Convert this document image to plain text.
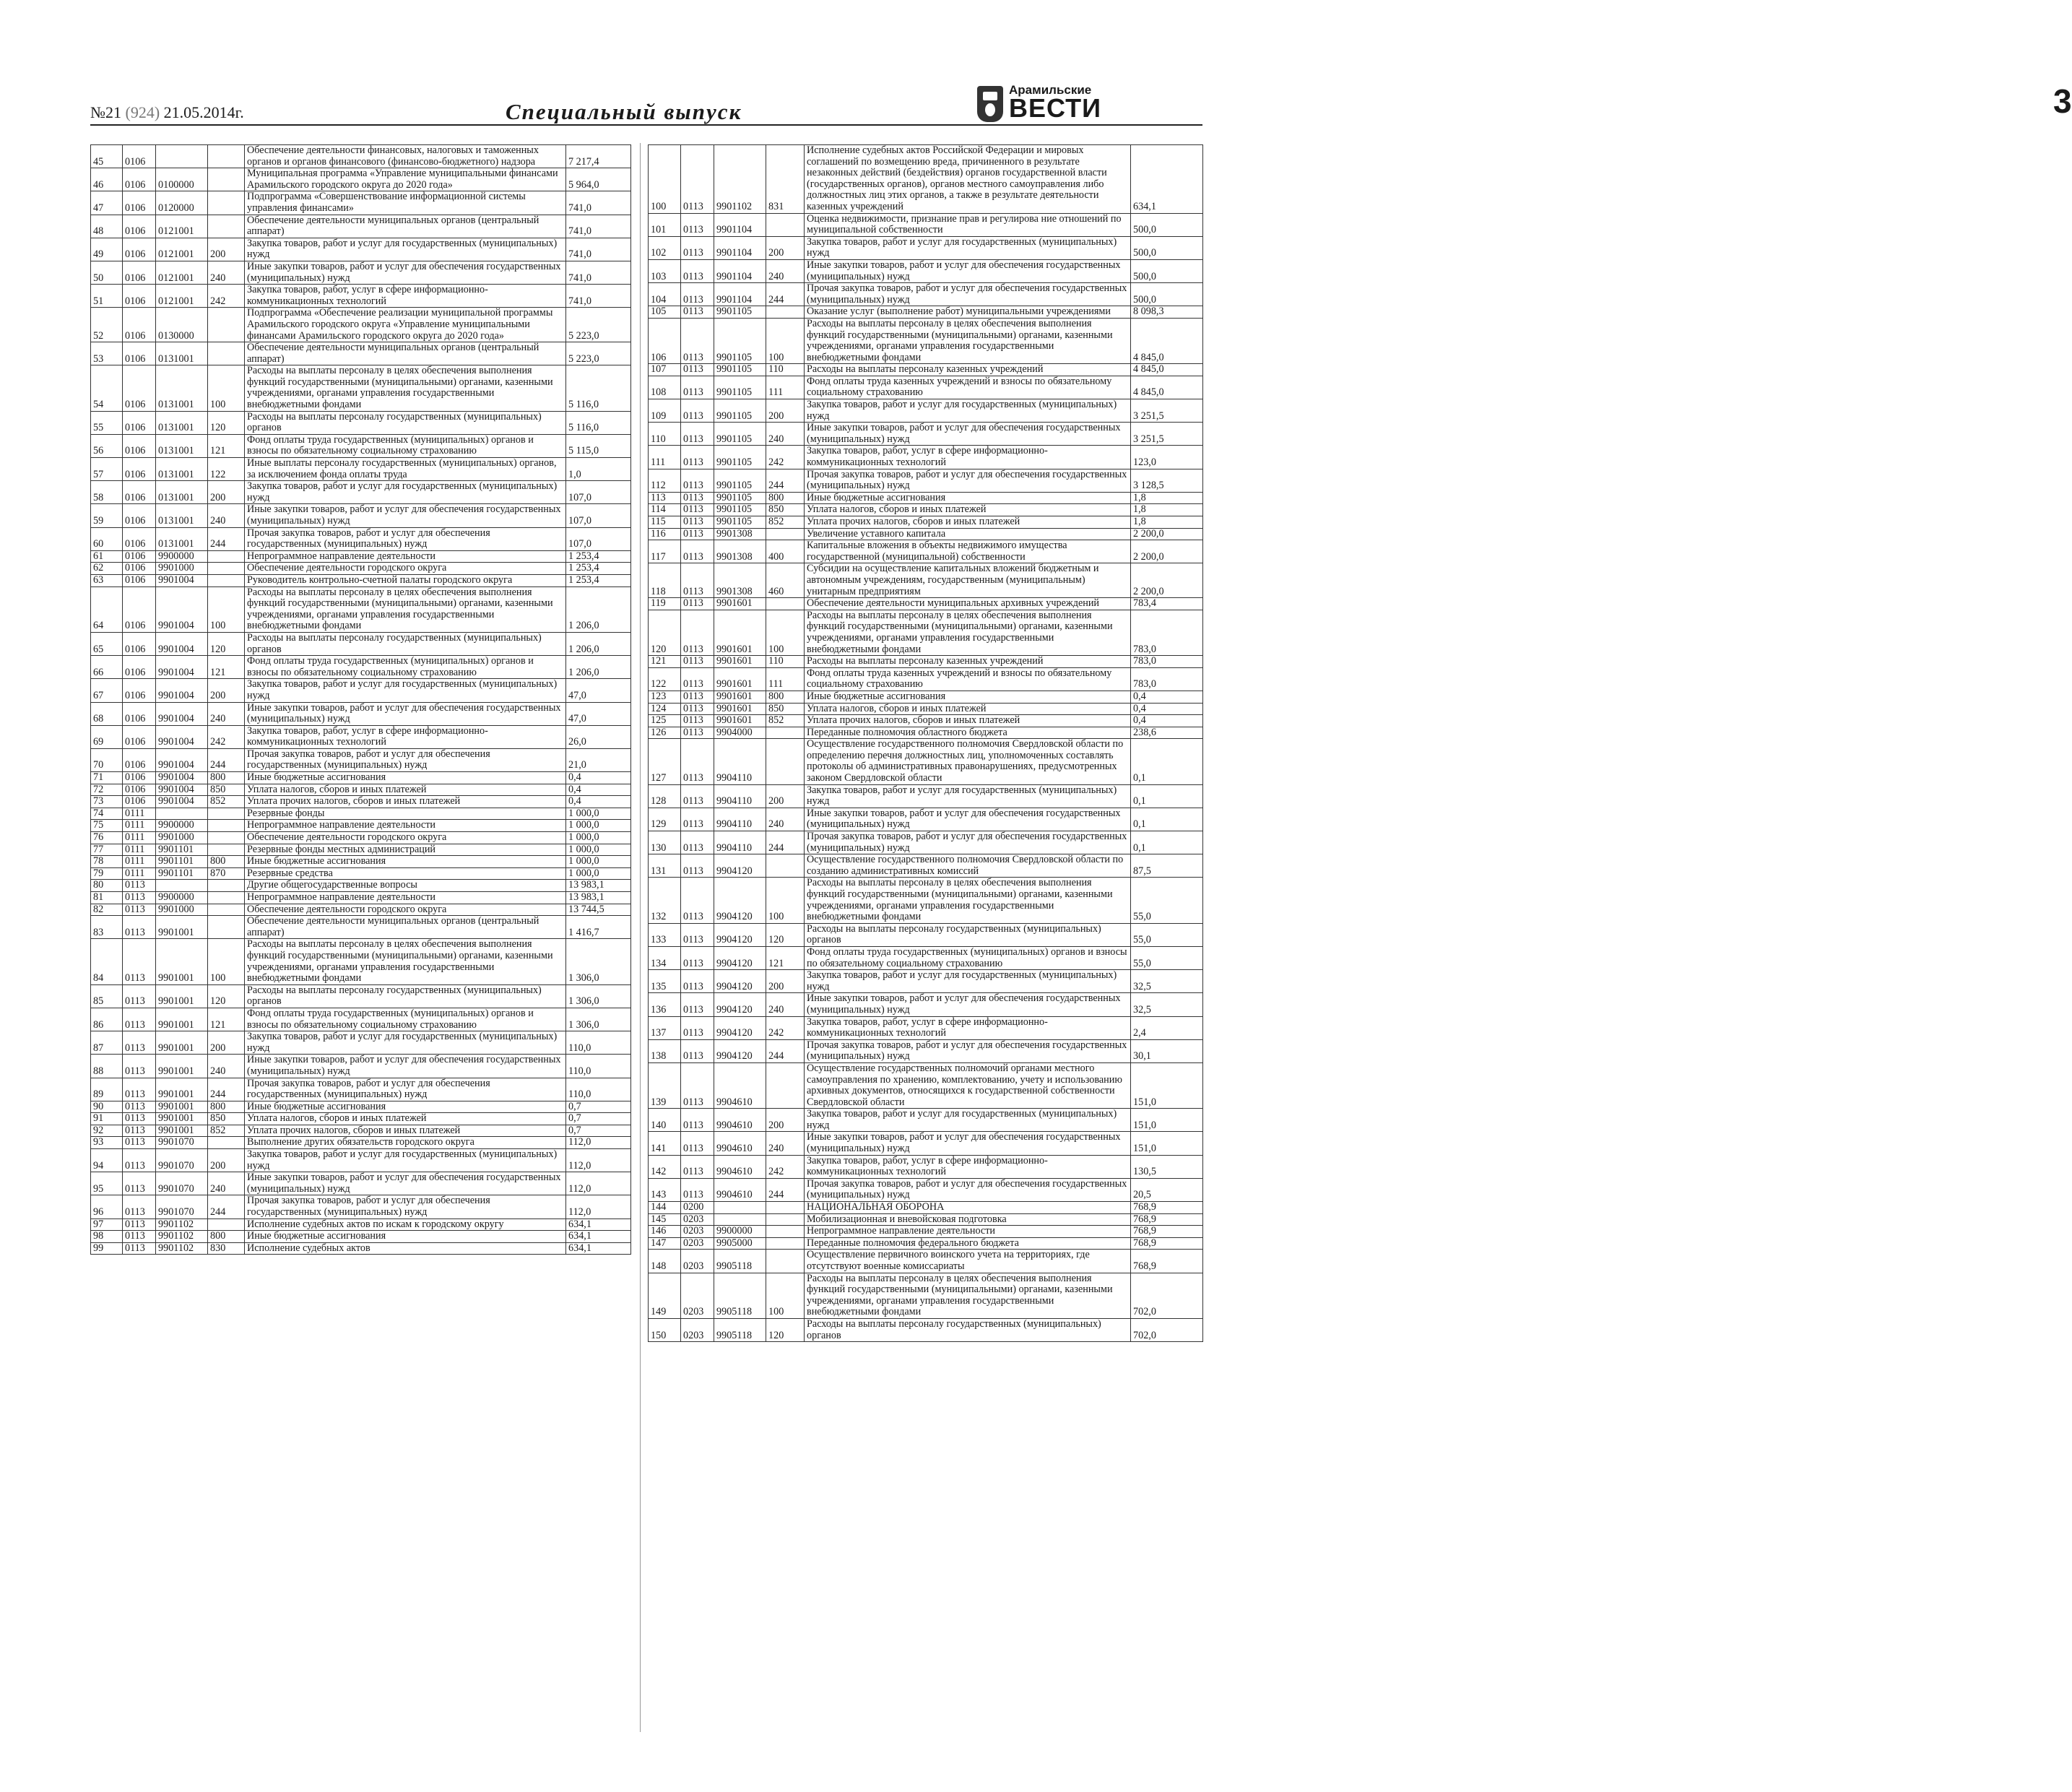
№21 (924) 21.05.2014г.	Специальный выпуск
Арамильские
ВЕСТИ	3
45	0106			Обеспечение деятельности финансовых, налоговых и таможенных органов и органов финансового (финансово-бюджетного) надзора	7 217,4
46	0106	0100000		Муниципальная программа «Управление муниципальными финансами Арамильского городского округа до 2020 года»	5 964,0
47	0106	0120000		Подпрограмма «Совершенствование информационной системы управления финансами»	741,0
48	0106	0121001		Обеспечение деятельности муниципальных органов (центральный аппарат)	741,0
49	0106	0121001	200	Закупка товаров, работ и услуг для государственных (муниципальных) нужд	741,0
50	0106	0121001	240	Иные закупки товаров, работ и услуг для обеспечения государственных (муниципальных) нужд	741,0
51	0106	0121001	242	Закупка товаров, работ, услуг в сфере информационно-коммуникационных технологий	741,0
52	0106	0130000		Подпрограмма «Обеспечение реализации муниципальной программы Арамильского городского округа «Управление муниципальными финансами Арамильского городского округа до 2020 года»	5 223,0
53	0106	0131001		Обеспечение деятельности муниципальных органов (центральный аппарат)	5 223,0
54	0106	0131001	100	Расходы на выплаты персоналу в целях обеспечения выполнения функций государственными (муниципальными) органами, казенными учреждениями, органами управления государственными внебюджетными фондами	5 116,0
55	0106	0131001	120	Расходы на выплаты персоналу государственных (муниципальных) органов	5 116,0
56	0106	0131001	121	Фонд оплаты труда государственных (муниципальных) органов и взносы по обязательному социальному страхованию	5 115,0
57	0106	0131001	122	Иные выплаты персоналу государственных (муниципальных) органов, за исключением фонда оплаты труда	1,0
58	0106	0131001	200	Закупка товаров, работ и услуг для государственных (муниципальных) нужд	107,0
59	0106	0131001	240	Иные закупки товаров, работ и услуг для обеспечения государственных (муниципальных) нужд	107,0
60	0106	0131001	244	Прочая закупка товаров, работ и услуг для обеспечения государственных (муниципальных) нужд	107,0
61	0106	9900000		Непрограммное направление деятельности	1 253,4
62	0106	9901000		Обеспечение деятельности городского округа	1 253,4
63	0106	9901004		Руководитель контрольно-счетной палаты городского округа	1 253,4
64	0106	9901004	100	Расходы на выплаты персоналу в целях обеспечения выполнения функций государственными (муниципальными) органами, казенными учреждениями, органами управления государственными внебюджетными фондами	1 206,0
65	0106	9901004	120	Расходы на выплаты персоналу государственных (муниципальных) органов	1 206,0
66	0106	9901004	121	Фонд оплаты труда государственных (муниципальных) органов и взносы по обязательному социальному страхованию	1 206,0
67	0106	9901004	200	Закупка товаров, работ и услуг для государственных (муниципальных) нужд	47,0
68	0106	9901004	240	Иные закупки товаров, работ и услуг для обеспечения государственных (муниципальных) нужд	47,0
69	0106	9901004	242	Закупка товаров, работ, услуг в сфере информационно-коммуникационных технологий	26,0
70	0106	9901004	244	Прочая закупка товаров, работ и услуг для обеспечения государственных (муниципальных) нужд	21,0
71	0106	9901004	800	Иные бюджетные ассигнования	0,4
72	0106	9901004	850	Уплата налогов, сборов и иных платежей	0,4
73	0106	9901004	852	Уплата прочих налогов, сборов и иных платежей	0,4
74	0111			Резервные фонды	1 000,0
75	0111	9900000		Непрограммное направление деятельности	1 000,0
76	0111	9901000		Обеспечение деятельности городского округа	1 000,0
77	0111	9901101		Резервные фонды местных администраций	1 000,0
78	0111	9901101	800	Иные бюджетные ассигнования	1 000,0
79	0111	9901101	870	Резервные средства	1 000,0
80	0113			Другие общегосударственные вопросы	13 983,1
81	0113	9900000		Непрограммное направление деятельности	13 983,1
82	0113	9901000		Обеспечение деятельности городского округа	13 744,5
83	0113	9901001		Обеспечение деятельности муниципальных органов (центральный аппарат)	1 416,7
84	0113	9901001	100	Расходы на выплаты персоналу в целях обеспечения выполнения функций государственными (муниципальными) органами, казенными учреждениями, органами управления государственными внебюджетными фондами	1 306,0
85	0113	9901001	120	Расходы на выплаты персоналу государственных (муниципальных) органов	1 306,0
86	0113	9901001	121	Фонд оплаты труда государственных (муниципальных) органов и взносы по обязательному социальному страхованию	1 306,0
87	0113	9901001	200	Закупка товаров, работ и услуг для государственных (муниципальных) нужд	110,0
88	0113	9901001	240	Иные закупки товаров, работ и услуг для обеспечения государственных (муниципальных) нужд	110,0
89	0113	9901001	244	Прочая закупка товаров, работ и услуг для обеспечения государственных (муниципальных) нужд	110,0
90	0113	9901001	800	Иные бюджетные ассигнования	0,7
91	0113	9901001	850	Уплата налогов, сборов и иных платежей	0,7
92	0113	9901001	852	Уплата прочих налогов, сборов и иных платежей	0,7
93	0113	9901070		Выполнение других обязательств городского округа	112,0
94	0113	9901070	200	Закупка товаров, работ и услуг для государственных (муниципальных) нужд	112,0
95	0113	9901070	240	Иные закупки товаров, работ и услуг для обеспечения государственных (муниципальных) нужд	112,0
96	0113	9901070	244	Прочая закупка товаров, работ и услуг для обеспечения государственных (муниципальных) нужд	112,0
97	0113	9901102		Исполнение судебных актов по искам к городскому округу	634,1
98	0113	9901102	800	Иные бюджетные ассигнования	634,1
99	0113	9901102	830	Исполнение судебных актов	634,1
100	0113	9901102	831	Исполнение судебных актов Российской Федерации и мировых соглашений по возмещению вреда, причиненного в результате незаконных действий (бездействия) органов государственной власти (государственных органов), органов местного самоуправления либо должностных лиц этих органов, а также в результате деятельности казенных учреждений	634,1
101	0113	9901104		Оценка недвижимости, признание прав и регулирова ние отношений по муниципальной собственности	500,0
102	0113	9901104	200	Закупка товаров, работ и услуг для государственных (муниципальных) нужд	500,0
103	0113	9901104	240	Иные закупки товаров, работ и услуг для обеспечения государственных (муниципальных) нужд	500,0
104	0113	9901104	244	Прочая закупка товаров, работ и услуг для обеспечения государственных (муниципальных) нужд	500,0
105	0113	9901105		Оказание услуг (выполнение работ) муниципальными учреждениями	8 098,3
106	0113	9901105	100	Расходы на выплаты персоналу в целях обеспечения выполнения функций государственными (муниципальными) органами, казенными учреждениями, органами управления государственными внебюджетными фондами	4 845,0
107	0113	9901105	110	Расходы на выплаты персоналу казенных учреждений	4 845,0
108	0113	9901105	111	Фонд оплаты труда казенных учреждений и взносы по обязательному социальному страхованию	4 845,0
109	0113	9901105	200	Закупка товаров, работ и услуг для государственных (муниципальных) нужд	3 251,5
110	0113	9901105	240	Иные закупки товаров, работ и услуг для обеспечения государственных (муниципальных) нужд	3 251,5
111	0113	9901105	242	Закупка товаров, работ, услуг в сфере информационно-коммуникационных технологий	123,0
112	0113	9901105	244	Прочая закупка товаров, работ и услуг для обеспечения государственных (муниципальных) нужд	3 128,5
113	0113	9901105	800	Иные бюджетные ассигнования	1,8
114	0113	9901105	850	Уплата налогов, сборов и иных платежей	1,8
115	0113	9901105	852	Уплата прочих налогов, сборов и иных платежей	1,8
116	0113	9901308		Увеличение уставного капитала	2 200,0
117	0113	9901308	400	Капитальные вложения в объекты недвижимого имущества государственной (муниципальной) собственности	2 200,0
118	0113	9901308	460	Субсидии на осуществление капитальных вложений бюджетным и автономным учреждениям, государственным (муниципальным) унитарным предприятиям	2 200,0
119	0113	9901601		Обеспечение деятельности муниципальных архивных учреждений	783,4
120	0113	9901601	100	Расходы на выплаты персоналу в целях обеспечения выполнения функций государственными (муниципальными) органами, казенными учреждениями, органами управления государственными внебюджетными фондами	783,0
121	0113	9901601	110	Расходы на выплаты персоналу казенных учреждений	783,0
122	0113	9901601	111	Фонд оплаты труда казенных учреждений и взносы по обязательному социальному страхованию	783,0
123	0113	9901601	800	Иные бюджетные ассигнования	0,4
124	0113	9901601	850	Уплата налогов, сборов и иных платежей	0,4
125	0113	9901601	852	Уплата прочих налогов, сборов и иных платежей	0,4
126	0113	9904000		Переданные полномочия областного бюджета	238,6
127	0113	9904110		Осуществление государственного полномочия Свердловской области по определению перечня должностных лиц, уполномоченных составлять протоколы об административных правонарушениях, предусмотренных законом Свердловской области	0,1
128	0113	9904110	200	Закупка товаров, работ и услуг для государственных (муниципальных) нужд	0,1
129	0113	9904110	240	Иные закупки товаров, работ и услуг для обеспечения государственных (муниципальных) нужд	0,1
130	0113	9904110	244	Прочая закупка товаров, работ и услуг для обеспечения государственных (муниципальных) нужд	0,1
131	0113	9904120		Осуществление государственного полномочия Свердловской области по созданию административных комиссий	87,5
132	0113	9904120	100	Расходы на выплаты персоналу в целях обеспечения выполнения функций государственными (муниципальными) органами, казенными учреждениями, органами управления государственными внебюджетными фондами	55,0
133	0113	9904120	120	Расходы на выплаты персоналу государственных (муниципальных) органов	55,0
134	0113	9904120	121	Фонд оплаты труда государственных (муниципальных) органов и взносы по обязательному социальному страхованию	55,0
135	0113	9904120	200	Закупка товаров, работ и услуг для государственных (муниципальных) нужд	32,5
136	0113	9904120	240	Иные закупки товаров, работ и услуг для обеспечения государственных (муниципальных) нужд	32,5
137	0113	9904120	242	Закупка товаров, работ, услуг в сфере информационно-коммуникационных технологий	2,4
138	0113	9904120	244	Прочая закупка товаров, работ и услуг для обеспечения государственных (муниципальных) нужд	30,1
139	0113	9904610		Осуществление государственных полномочий органами местного самоуправления по хранению, комплектованию, учету и использованию архивных документов, относящихся к государственной собственности Свердловской области	151,0
140	0113	9904610	200	Закупка товаров, работ и услуг для государственных (муниципальных) нужд	151,0
141	0113	9904610	240	Иные закупки товаров, работ и услуг для обеспечения государственных (муниципальных) нужд	151,0
142	0113	9904610	242	Закупка товаров, работ, услуг в сфере информационно-коммуникационных технологий	130,5
143	0113	9904610	244	Прочая закупка товаров, работ и услуг для обеспечения государственных (муниципальных) нужд	20,5
144	0200			НАЦИОНАЛЬНАЯ ОБОРОНА	768,9
145	0203			Мобилизационная и вневойсковая подготовка	768,9
146	0203	9900000		Непрограммное направление деятельности	768,9
147	0203	9905000		Переданные полномочия федерального бюджета	768,9
148	0203	9905118		Осуществление первичного воинского учета на территориях, где отсутствуют военные комиссариаты	768,9
149	0203	9905118	100	Расходы на выплаты персоналу в целях обеспечения выполнения функций государственными (муниципальными) органами, казенными учреждениями, органами управления государственными внебюджетными фондами	702,0
150	0203	9905118	120	Расходы на выплаты персоналу государственных (муниципальных) органов	702,0
